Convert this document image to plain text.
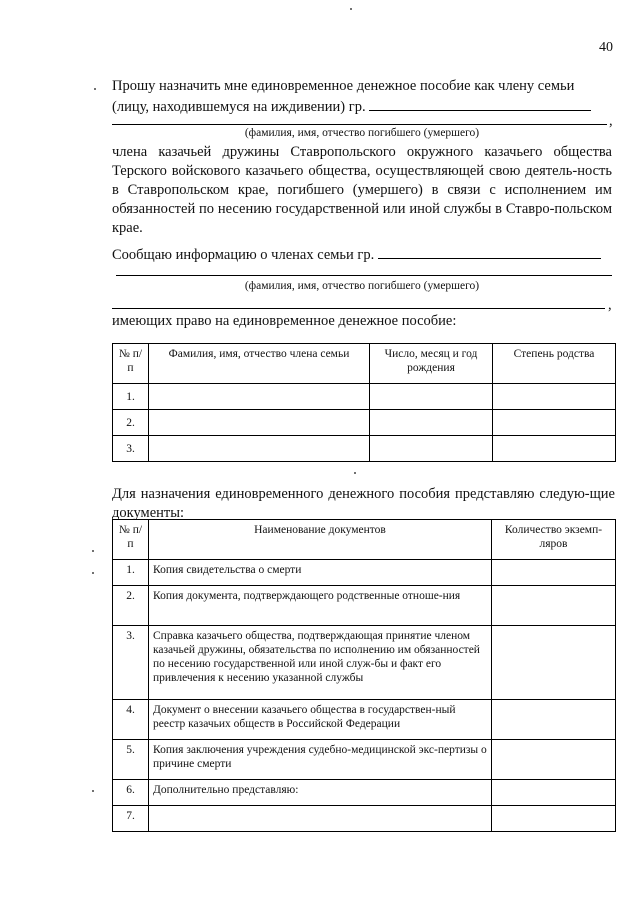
40
Прошу назначить мне единовременное денежное пособие как члену семьи
(лицу, находившемуся на иждивении) гр.
,
(фамилия, имя, отчество погибшего (умершего)
члена казачьей дружины Ставропольского окружного казачьего общества Терского войскового казачьего общества, осуществляющей свою деятель-ность в Ставропольском крае, погибшего (умершего) в связи с исполнением им обязанностей по несению государственной или иной службы в Ставро-польском крае.
Сообщаю информацию о членах семьи гр.
(фамилия, имя, отчество погибшего (умершего)
,
имеющих право на единовременное денежное пособие:
№ п/п	Фамилия, имя, отчество члена семьи	Число, месяц и год рождения	Степень родства
1.			
2.			
3.			
Для назначения единовременного денежного пособия представляю следую-щие документы:
№ п/п	Наименование документов	Количество экземп-ляров
1.	Копия свидетельства о смерти	
2.	Копия документа, подтверждающего родственные отноше-ния	
3.	Справка казачьего общества, подтверждающая принятие членом казачьей дружины, обязательства по исполнению им обязанностей по несению государственной или иной служ-бы и факт его привлечения к несению указанной службы	
4.	Документ о внесении казачьего общества в государствен-ный реестр казачьих обществ в Российской Федерации	
5.	Копия заключения учреждения судебно-медицинской экс-пертизы о причине смерти	
6.	Дополнительно представляю:	
7.		
